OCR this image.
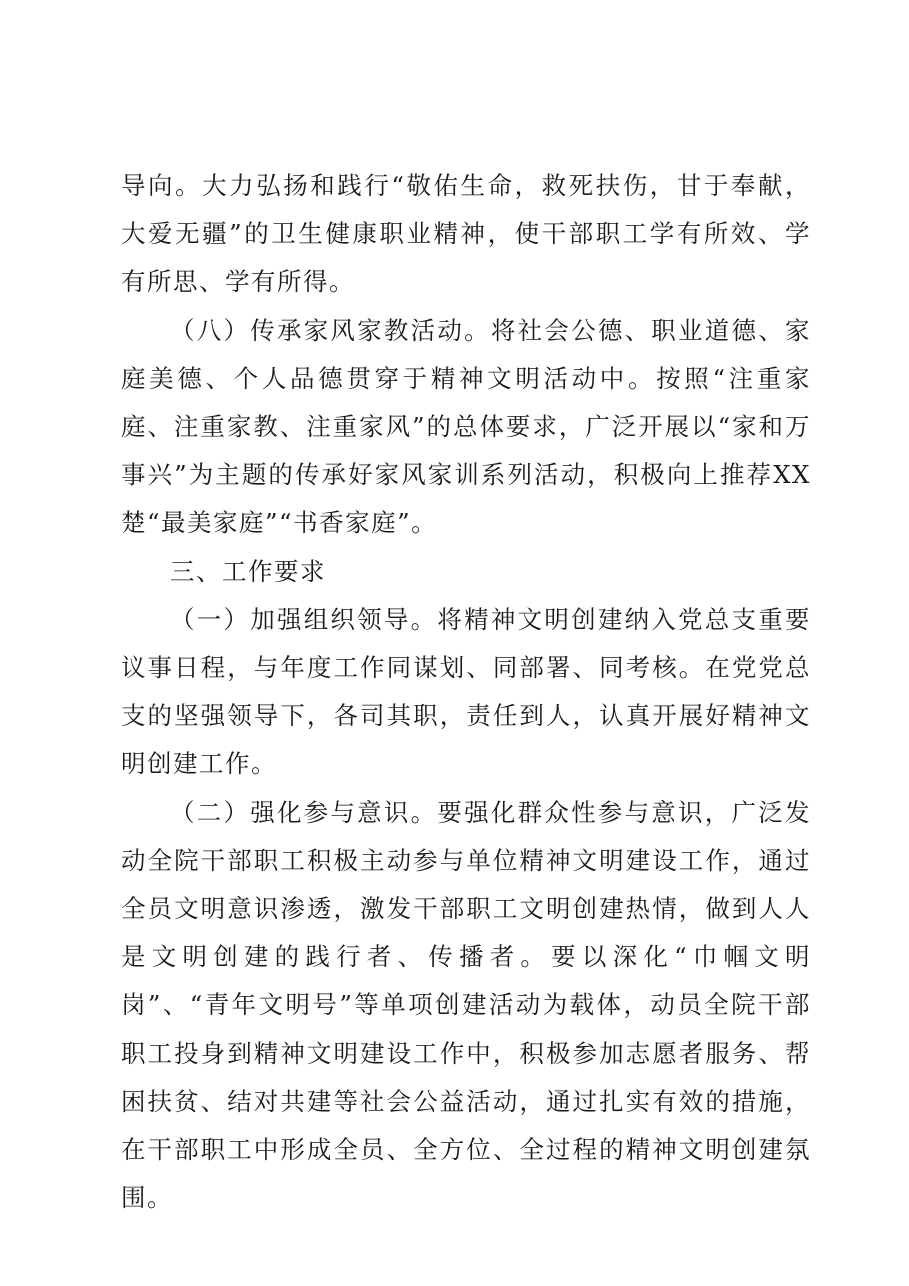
导向。大力弘扬和践行“敬佑生命，救死扶伤，甘于奉献，大爱无疆”的卫生健康职业精神，使干部职工学有所效、学有所思、学有所得。

（八）传承家风家教活动。将社会公德、职业道德、家庭美德、个人品德贯穿于精神文明活动中。按照“注重家庭、注重家教、注重家风”的总体要求，广泛开展以“家和万事兴”为主题的传承好家风家训系列活动，积极向上推荐XX楚“最美家庭”“书香家庭”。

三、工作要求

（一）加强组织领导。将精神文明创建纳入党总支重要议事日程，与年度工作同谋划、同部署、同考核。在党党总支的坚强领导下，各司其职，责任到人，认真开展好精神文明创建工作。

（二）强化参与意识。要强化群众性参与意识，广泛发动全院干部职工积极主动参与单位精神文明建设工作，通过全员文明意识渗透，激发干部职工文明创建热情，做到人人是文明创建的践行者、传播者。要以深化“巾帼文明岗”、“青年文明号”等单项创建活动为载体，动员全院干部职工投身到精神文明建设工作中，积极参加志愿者服务、帮困扶贫、结对共建等社会公益活动，通过扎实有效的措施，在干部职工中形成全员、全方位、全过程的精神文明创建氛围。
